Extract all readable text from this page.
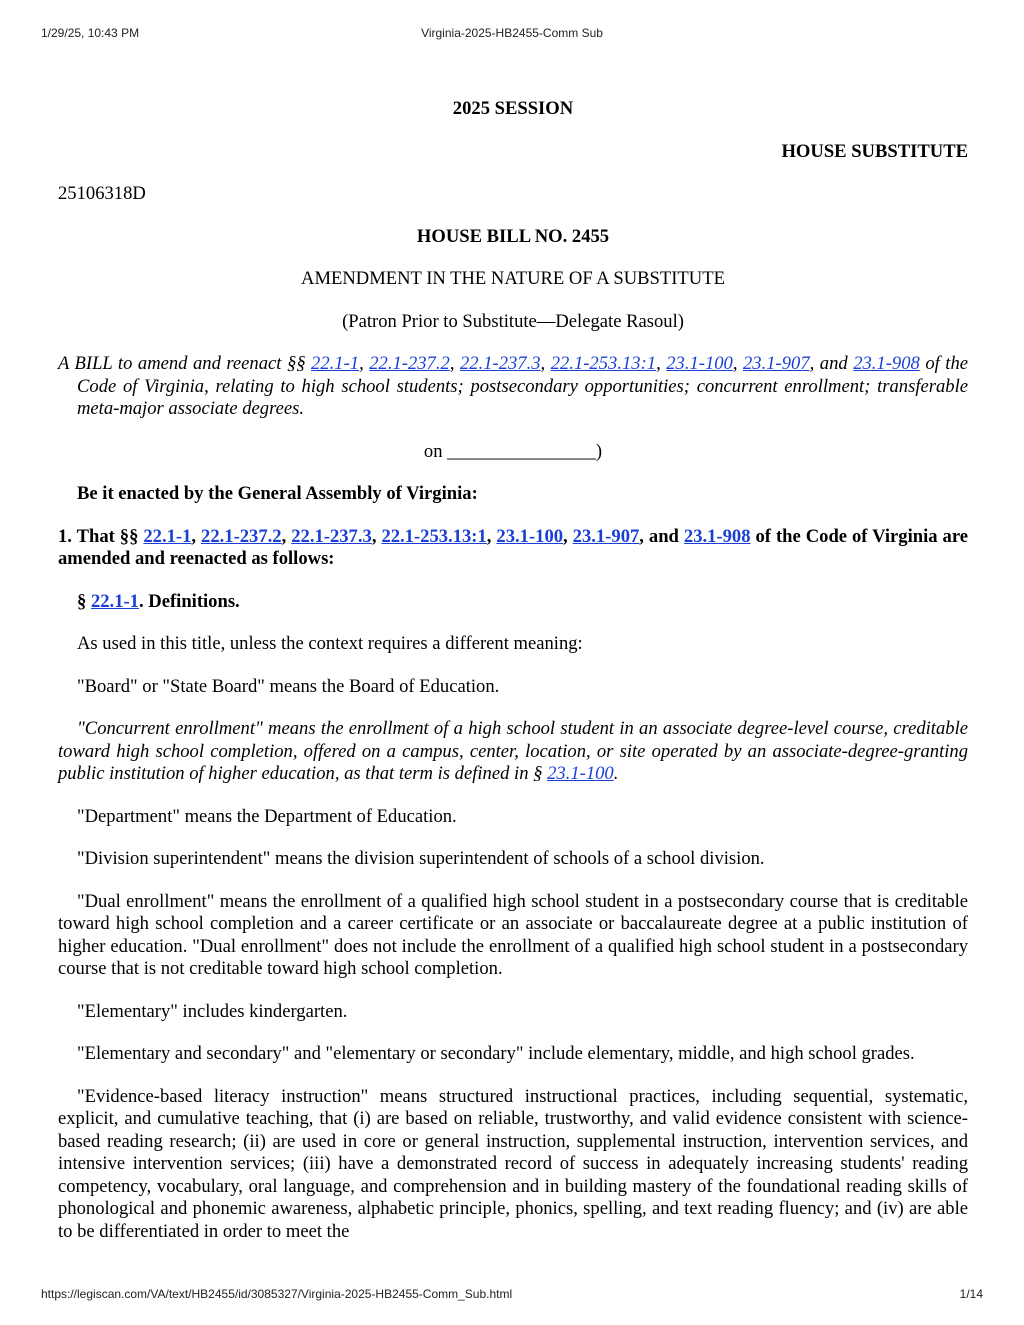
1/29/25, 10:43 PM	Virginia-2025-HB2455-Comm Sub

2025 SESSION

HOUSE SUBSTITUTE

25106318D

HOUSE BILL NO. 2455

AMENDMENT IN THE NATURE OF A SUBSTITUTE

(Patron Prior to Substitute—Delegate Rasoul)

A BILL to amend and reenact §§ 22.1-1, 22.1-237.2, 22.1-237.3, 22.1-253.13:1, 23.1-100, 23.1-907, and 23.1-908 of the Code of Virginia, relating to high school students; postsecondary opportunities; concurrent enrollment; transferable meta-major associate degrees.

on ________________)

Be it enacted by the General Assembly of Virginia:

1. That §§ 22.1-1, 22.1-237.2, 22.1-237.3, 22.1-253.13:1, 23.1-100, 23.1-907, and 23.1-908 of the Code of Virginia are amended and reenacted as follows:

§ 22.1-1. Definitions.

As used in this title, unless the context requires a different meaning:

"Board" or "State Board" means the Board of Education.

"Concurrent enrollment" means the enrollment of a high school student in an associate degree-level course, creditable toward high school completion, offered on a campus, center, location, or site operated by an associate-degree-granting public institution of higher education, as that term is defined in § 23.1-100.

"Department" means the Department of Education.

"Division superintendent" means the division superintendent of schools of a school division.

"Dual enrollment" means the enrollment of a qualified high school student in a postsecondary course that is creditable toward high school completion and a career certificate or an associate or baccalaureate degree at a public institution of higher education. "Dual enrollment" does not include the enrollment of a qualified high school student in a postsecondary course that is not creditable toward high school completion.

"Elementary" includes kindergarten.

"Elementary and secondary" and "elementary or secondary" include elementary, middle, and high school grades.

"Evidence-based literacy instruction" means structured instructional practices, including sequential, systematic, explicit, and cumulative teaching, that (i) are based on reliable, trustworthy, and valid evidence consistent with science-based reading research; (ii) are used in core or general instruction, supplemental instruction, intervention services, and intensive intervention services; (iii) have a demonstrated record of success in adequately increasing students' reading competency, vocabulary, oral language, and comprehension and in building mastery of the foundational reading skills of phonological and phonemic awareness, alphabetic principle, phonics, spelling, and text reading fluency; and (iv) are able to be differentiated in order to meet the

https://legiscan.com/VA/text/HB2455/id/3085327/Virginia-2025-HB2455-Comm_Sub.html	1/14
